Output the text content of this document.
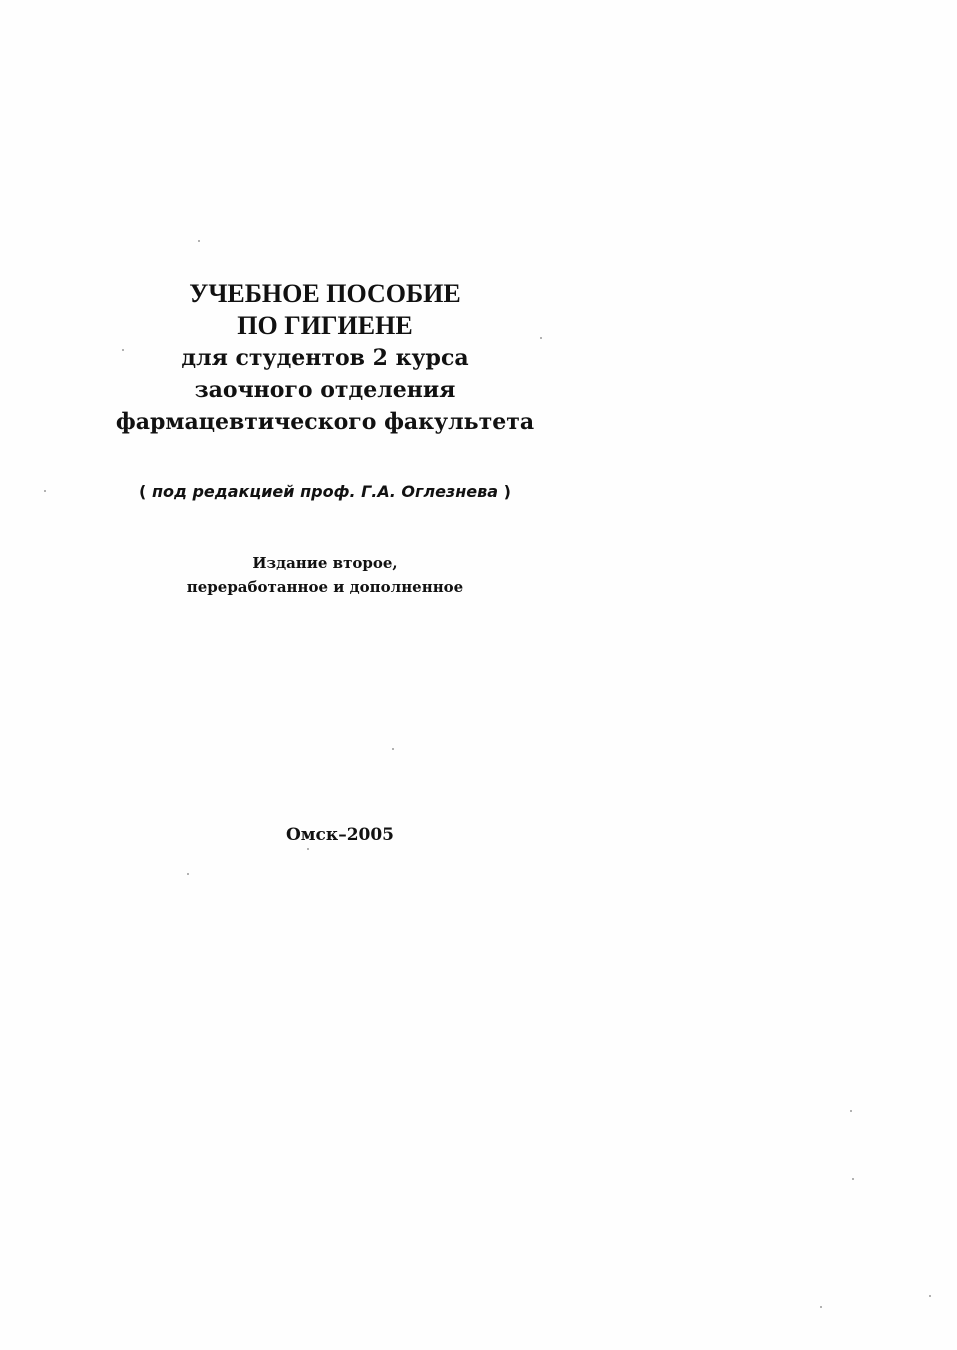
УЧЕБНОЕ ПОСОБИЕ
ПО ГИГИЕНЕ
для студентов 2 курса
заочного отделения
фармацевтического факультета
( под редакцией проф. Г.А. Оглезнева )
Издание второе,
переработанное и дополненное
Омск–2005
